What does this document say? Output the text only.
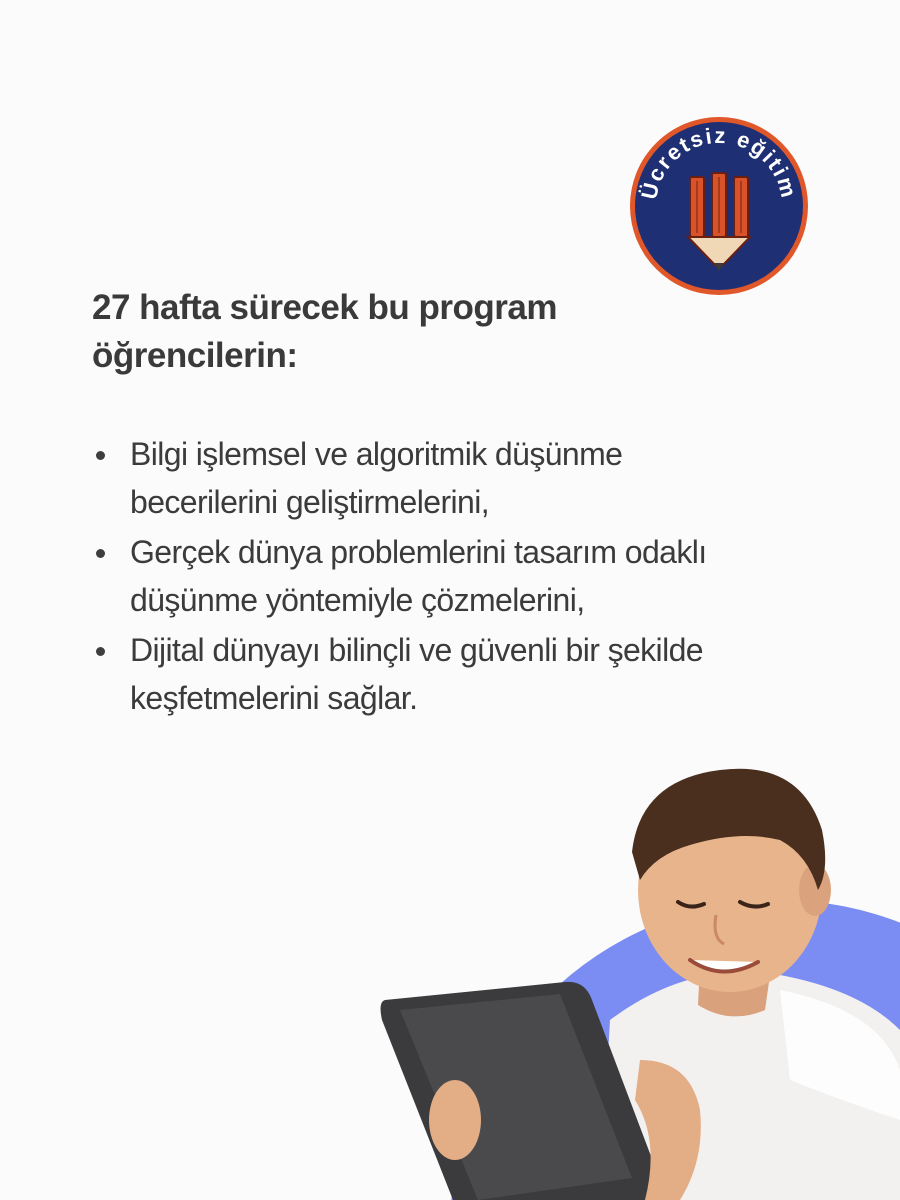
Ücretsiz eğitim
27 hafta sürecek bu program öğrencilerin:
Bilgi işlemsel ve algoritmik düşünme becerilerini geliştirmelerini,
Gerçek dünya problemlerini tasarım odaklı düşünme yöntemiyle çözmelerini,
Dijital dünyayı bilinçli ve güvenli bir şekilde keşfetmelerini sağlar.
